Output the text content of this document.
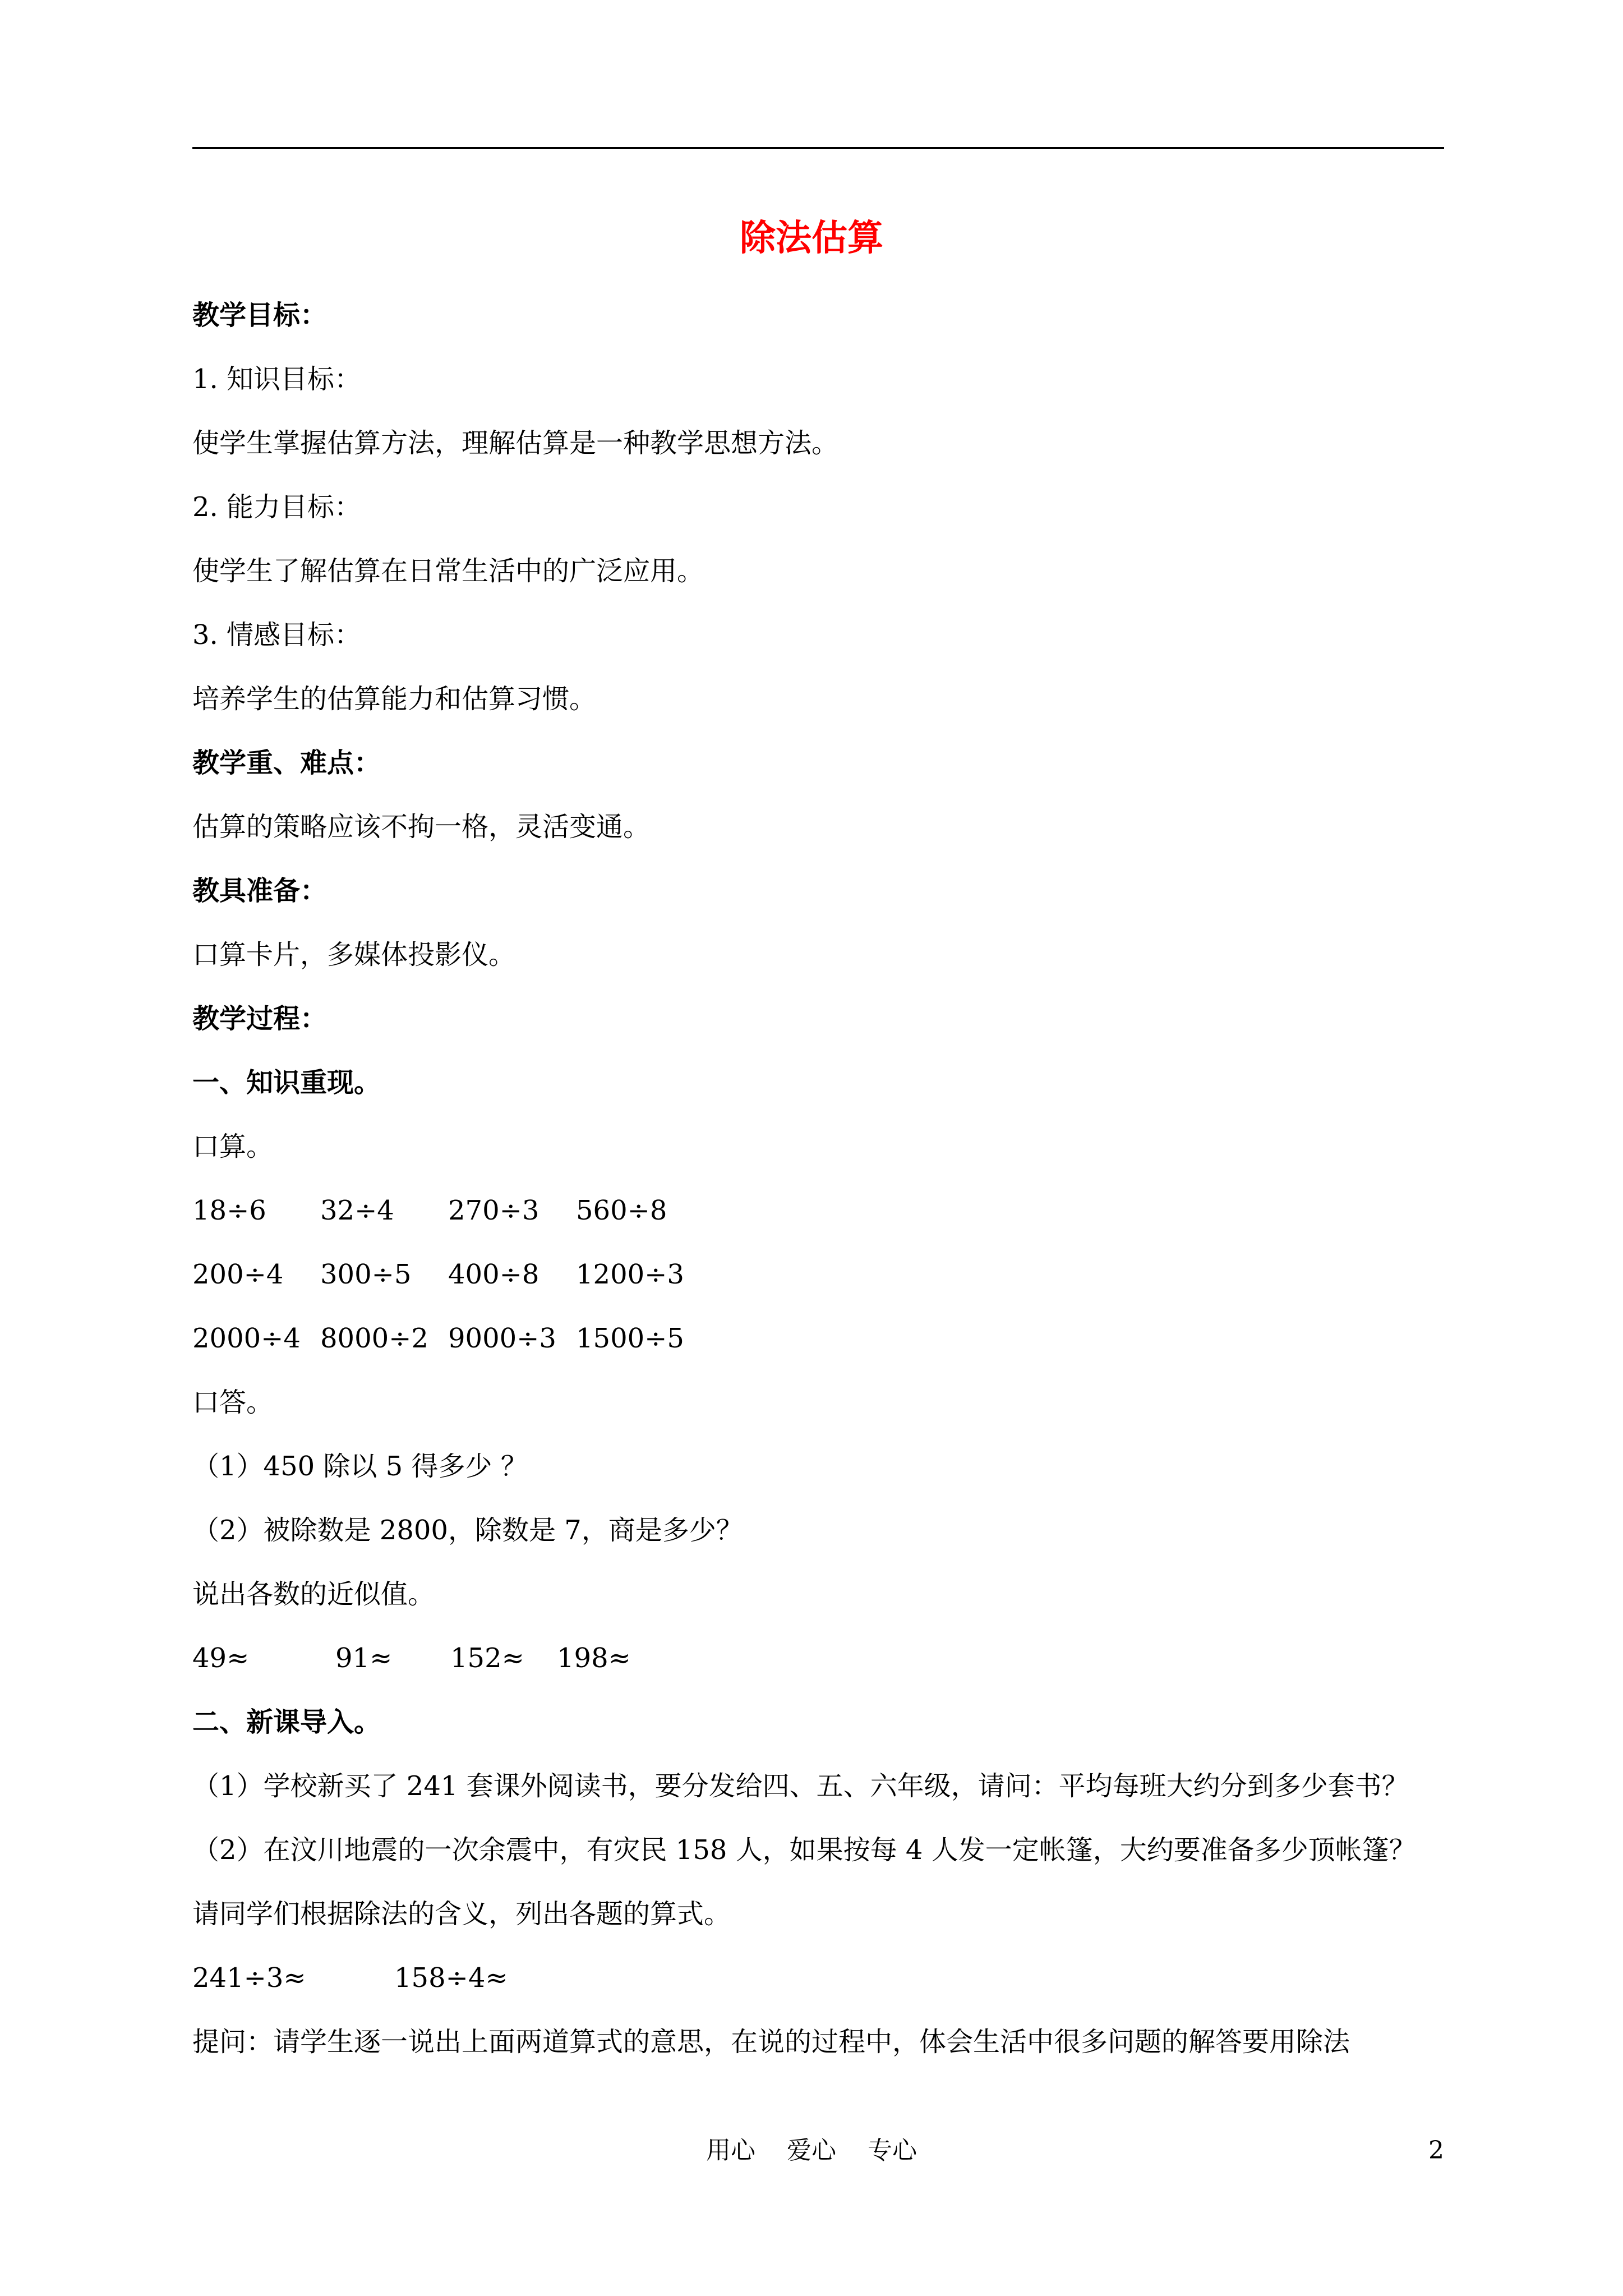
除法估算
教学目标：
1. 知识目标：
使学生掌握估算方法，理解估算是一种教学思想方法。
2. 能力目标：
使学生了解估算在日常生活中的广泛应用。
3. 情感目标：
培养学生的估算能力和估算习惯。
教学重、难点：
估算的策略应该不拘一格，灵活变通。
教具准备：
口算卡片，多媒体投影仪。
教学过程：
一、知识重现。
口算。
18÷6 32÷4 270÷3 560÷8
200÷4 300÷5 400÷8 1200÷3
2000÷4 8000÷2 9000÷3 1500÷5
口答。
（1）450 除以 5 得多少 ？
（2）被除数是 2800，除数是 7，商是多少？
说出各数的近似值。
49≈	91≈ 152≈ 198≈
二、新课导入。
（1）学校新买了 241 套课外阅读书，要分发给四、五、六年级，请问：平均每班大约分到多少套书？
（2）在汶川地震的一次余震中，有灾民 158 人，如果按每 4 人发一定帐篷，大约要准备多少顶帐篷？
请同学们根据除法的含义，列出各题的算式。
241÷3≈	158÷4≈
提问：请学生逐一说出上面两道算式的意思，在说的过程中，体会生活中很多问题的解答要用除法
用心 爱心 专心	2
